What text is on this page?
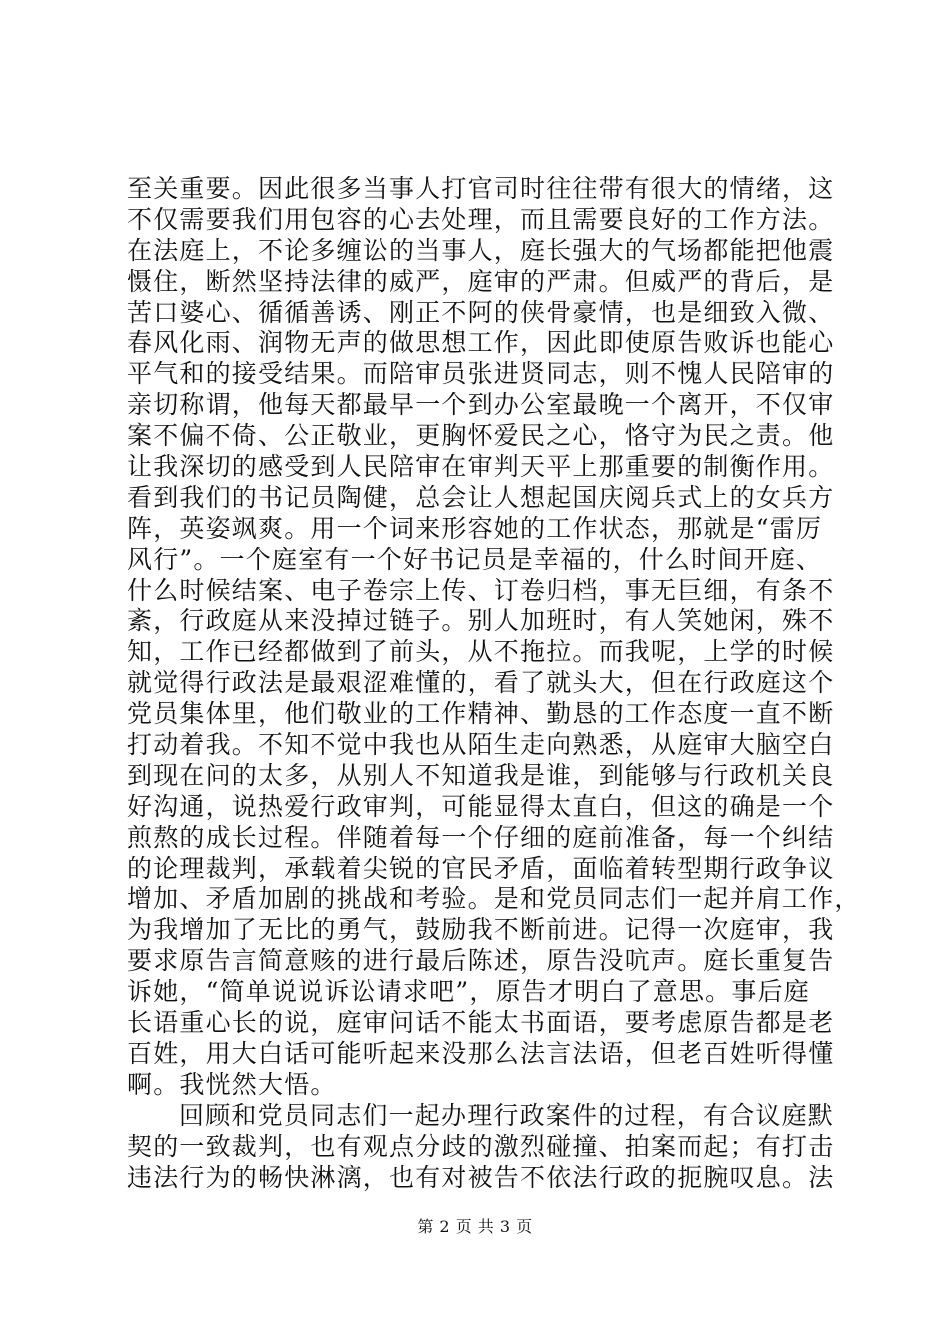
至关重要。因此很多当事人打官司时往往带有很大的情绪，这
不仅需要我们用包容的心去处理，而且需要良好的工作方法。
在法庭上，不论多缠讼的当事人，庭长强大的气场都能把他震
慑住，断然坚持法律的威严，庭审的严肃。但威严的背后，是
苦口婆心、循循善诱、刚正不阿的侠骨豪情，也是细致入微、
春风化雨、润物无声的做思想工作，因此即使原告败诉也能心
平气和的接受结果。而陪审员张进贤同志，则不愧人民陪审的
亲切称谓，他每天都最早一个到办公室最晚一个离开，不仅审
案不偏不倚、公正敬业，更胸怀爱民之心，恪守为民之责。他
让我深切的感受到人民陪审在审判天平上那重要的制衡作用。
看到我们的书记员陶健，总会让人想起国庆阅兵式上的女兵方
阵，英姿飒爽。用一个词来形容她的工作状态，那就是“雷厉
风行”。一个庭室有一个好书记员是幸福的，什么时间开庭、
什么时候结案、电子卷宗上传、订卷归档，事无巨细，有条不
紊，行政庭从来没掉过链子。别人加班时，有人笑她闲，殊不
知，工作已经都做到了前头，从不拖拉。而我呢，上学的时候
就觉得行政法是最艰涩难懂的，看了就头大，但在行政庭这个
党员集体里，他们敬业的工作精神、勤恳的工作态度一直不断
打动着我。不知不觉中我也从陌生走向熟悉，从庭审大脑空白
到现在问的太多，从别人不知道我是谁，到能够与行政机关良
好沟通，说热爱行政审判，可能显得太直白，但这的确是一个
煎熬的成长过程。伴随着每一个仔细的庭前准备，每一个纠结
的论理裁判，承载着尖锐的官民矛盾，面临着转型期行政争议
增加、矛盾加剧的挑战和考验。是和党员同志们一起并肩工作，
为我增加了无比的勇气，鼓励我不断前进。记得一次庭审，我
要求原告言简意赅的进行最后陈述，原告没吭声。庭长重复告
诉她，“简单说说诉讼请求吧”，原告才明白了意思。事后庭
长语重心长的说，庭审问话不能太书面语，要考虑原告都是老
百姓，用大白话可能听起来没那么法言法语，但老百姓听得懂
啊。我恍然大悟。
回顾和党员同志们一起办理行政案件的过程，有合议庭默
契的一致裁判，也有观点分歧的激烈碰撞、拍案而起；有打击
违法行为的畅快淋漓，也有对被告不依法行政的扼腕叹息。法
第 2 页 共 3 页
